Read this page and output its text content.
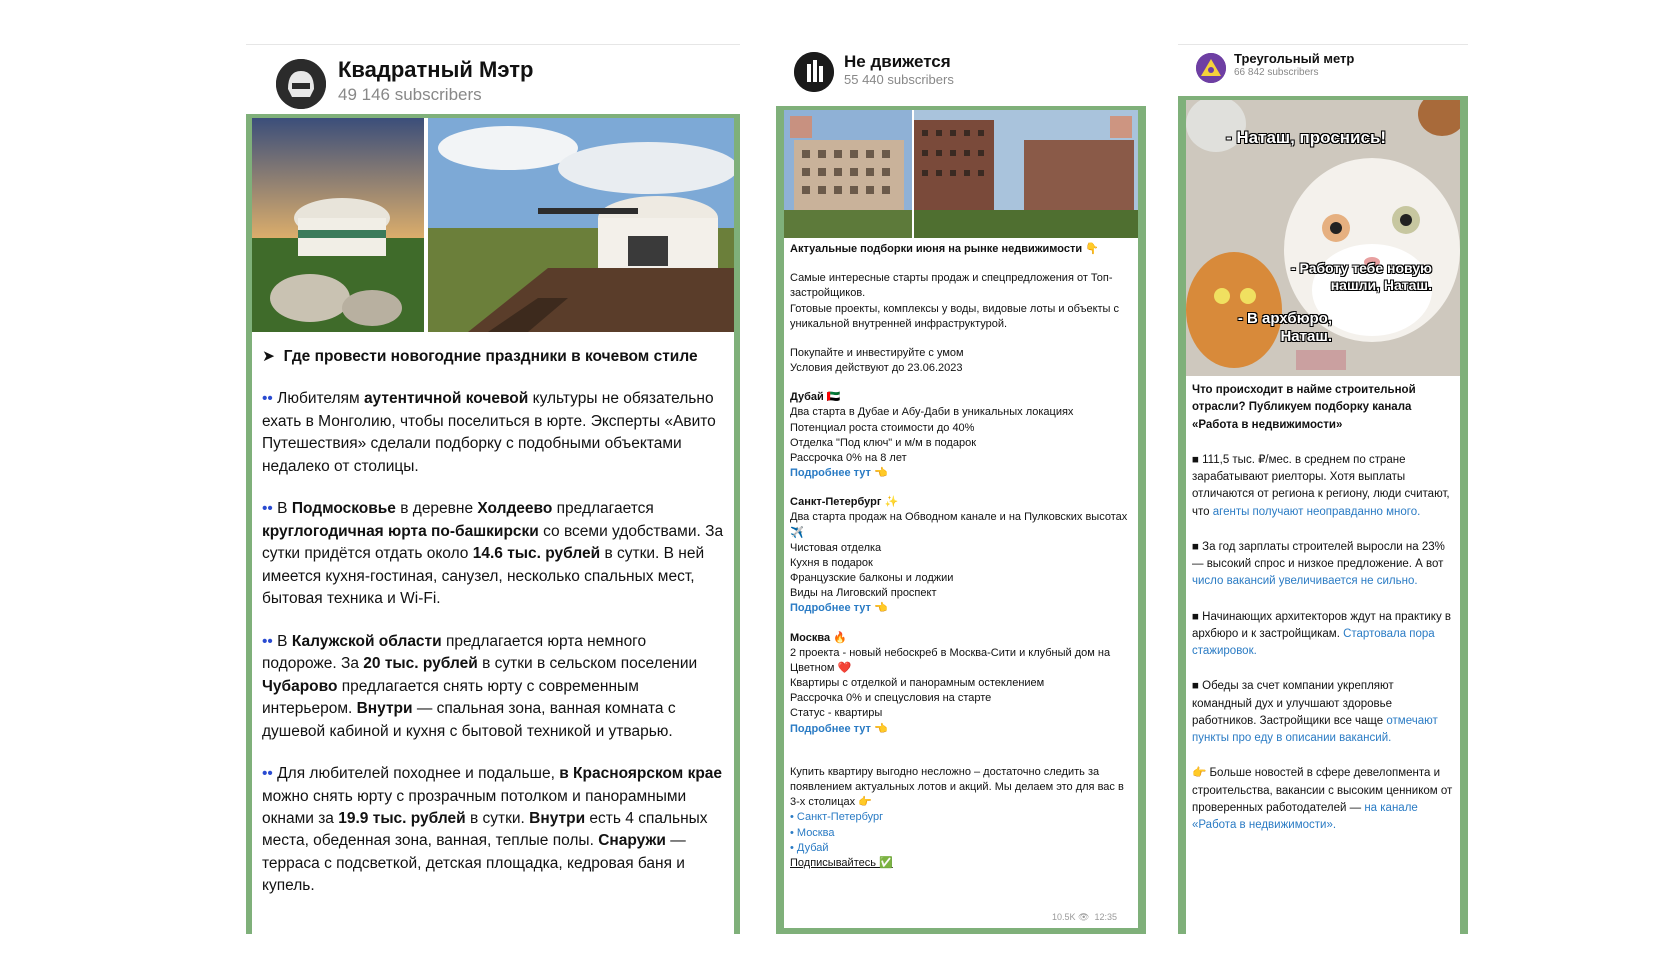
Квадратный Мэтр
49 146 subscribers

➤ Где провести новогодние праздники в кочевом стиле

•• Любителям аутентичной кочевой культуры не обязательно ехать в Монголию, чтобы поселиться в юрте. Эксперты «Авито Путешествия» сделали подборку с подобными объектами недалеко от столицы.

•• В Подмосковье в деревне Холдеево предлагается круглогодичная юрта по-башкирски со всеми удобствами. За сутки придётся отдать около 14.6 тыс. рублей в сутки. В ней имеется кухня-гостиная, санузел, несколько спальных мест, бытовая техника и Wi-Fi.

•• В Калужской области предлагается юрта немного подороже. За 20 тыс. рублей в сутки в сельском поселении Чубарово предлагается снять юрту с современным интерьером. Внутри — спальная зона, ванная комната с душевой кабиной и кухня с бытовой техникой и утварью.

•• Для любителей походнее и подальше, в Красноярском крае можно снять юрту с прозрачным потолком и панорамными окнами за 19.9 тыс. рублей в сутки. Внутри есть 4 спальных места, обеденная зона, ванная, теплые полы. Снаружи — терраса с подсветкой, детская площадка, кедровая баня и купель.

Не движется
55 440 subscribers

Актуальные подборки июня на рынке недвижимости 👇

Самые интересные старты продаж и спецпредложения от Топ-застройщиков.

Готовые проекты, комплексы у воды, видовые лоты и объекты с уникальной внутренней инфраструктурой.

Покупайте и инвестируйте с умом

Условия действуют до 23.06.2023

Дубай 🇦🇪

Два старта в Дубае и Абу-Даби в уникальных локациях

Потенциал роста стоимости до 40%

Отделка "Под ключ" и м/м в подарок

Рассрочка 0% на 8 лет

Подробнее тут 👈

Санкт-Петербург ✨

Два старта продаж на Обводном канале и на Пулковских высотах ✈️

Чистовая отделка

Кухня в подарок

Французские балконы и лоджии

Виды на Лиговский проспект

Подробнее тут 👈

Москва 🔥

2 проекта - новый небоскреб в Москва-Сити и клубный дом на Цветном ❤️

Квартиры с отделкой и панорамным остеклением

Рассрочка 0% и спецусловия на старте

Статус - квартиры

Подробнее тут 👈

Купить квартиру выгодно несложно – достаточно следить за появлением актуальных лотов и акций. Мы делаем это для вас в 3-х столицах 👉

• Санкт-Петербург

• Москва

• Дубай

Подписывайтесь ✅

10.5K 👁 12:35
Треугольный метр
66 842 subscribers
- Наташ, проснись!
- Работу тебе новую нашли, Наташ.
- В архбюро, Наташ.

Что происходит в найме строительной отрасли? Публикуем подборку канала «Работа в недвижимости»

■ 111,5 тыс. ₽/мес. в среднем по стране зарабатывают риелторы. Хотя выплаты отличаются от региона к региону, люди считают, что агенты получают неоправданно много.

■ За год зарплаты строителей выросли на 23% — высокий спрос и низкое предложение. А вот число вакансий увеличивается не сильно.

■ Начинающих архитекторов ждут на практику в архбюро и к застройщикам. Стартовала пора стажировок.

■ Обеды за счет компании укрепляют командный дух и улучшают здоровье работников. Застройщики все чаще отмечают пункты про еду в описании вакансий.

👉 Больше новостей в сфере девелопмента и строительства, вакансии с высоким ценником от проверенных работодателей — на канале «Работа в недвижимости».
